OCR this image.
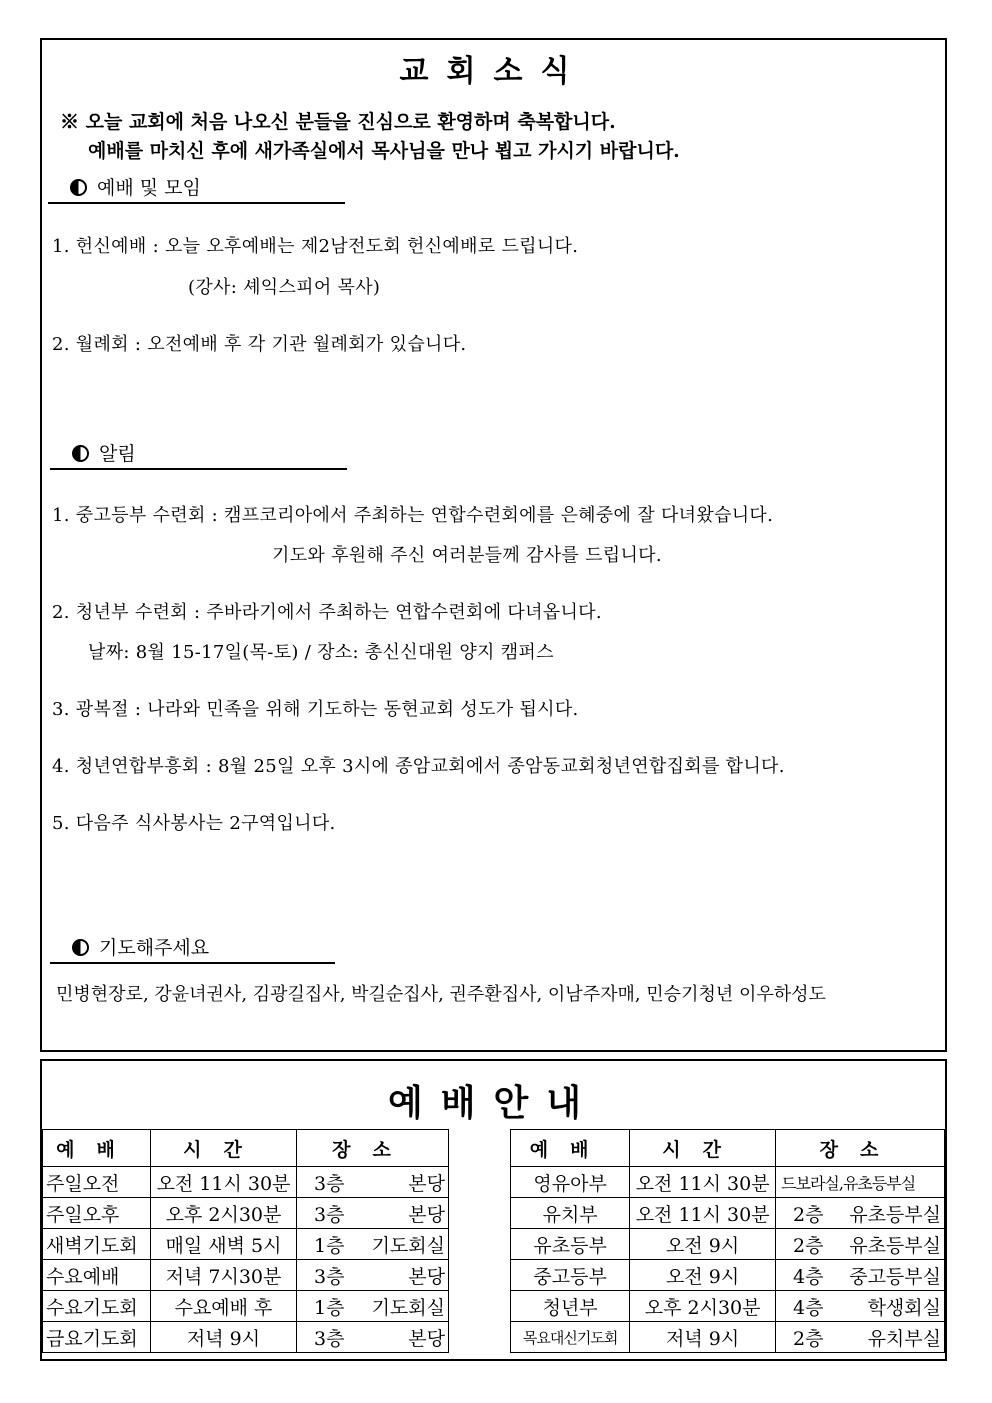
교회소식
※ 오늘 교회에 처음 나오신 분들을 진심으로 환영하며 축복합니다.
예배를 마치신 후에 새가족실에서 목사님을 만나 뵙고 가시기 바랍니다.
예배 및 모임
1. 헌신예배 : 오늘 오후예배는 제2남전도회 헌신예배로 드립니다.
(강사: 셰익스피어 목사)
2. 월례회 : 오전예배 후 각 기관 월례회가 있습니다.
알림
1. 중고등부 수련회 : 캠프코리아에서 주최하는 연합수련회에를 은혜중에 잘 다녀왔습니다.
기도와 후원해 주신 여러분들께 감사를 드립니다.
2. 청년부 수련회 : 주바라기에서 주최하는 연합수련회에 다녀옵니다.
날짜: 8월 15-17일(목-토) / 장소: 총신신대원 양지 캠퍼스
3. 광복절 : 나라와 민족을 위해 기도하는 동현교회 성도가 됩시다.
4. 청년연합부흥회 : 8월 25일 오후 3시에 종암교회에서 종암동교회청년연합집회를 합니다.
5. 다음주 식사봉사는 2구역입니다.
기도해주세요
민병현장로, 강윤녀권사, 김광길집사, 박길순집사, 권주환집사, 이남주자매, 민승기청년 이우하성도
예배안내
예배	시간	장소
주일오전	오전 11시 30분	3층 본당

주일오후	오후 2시30분	3층 본당

새벽기도회	매일 새벽 5시	1층 기도회실

수요예배	저녁 7시30분	3층 본당

수요기도회	수요예배 후	1층 기도회실

금요기도회	저녁 9시	3층 본당
예배	시간	장소
영유아부	오전 11시 30분	드보라실,유초등부실

유치부	오전 11시 30분	2층 유초등부실

유초등부	오전 9시	2층 유초등부실

중고등부	오전 9시	4층 중고등부실

청년부	오후 2시30분	4층 학생회실

목요대신기도회	저녁 9시	2층 유치부실
